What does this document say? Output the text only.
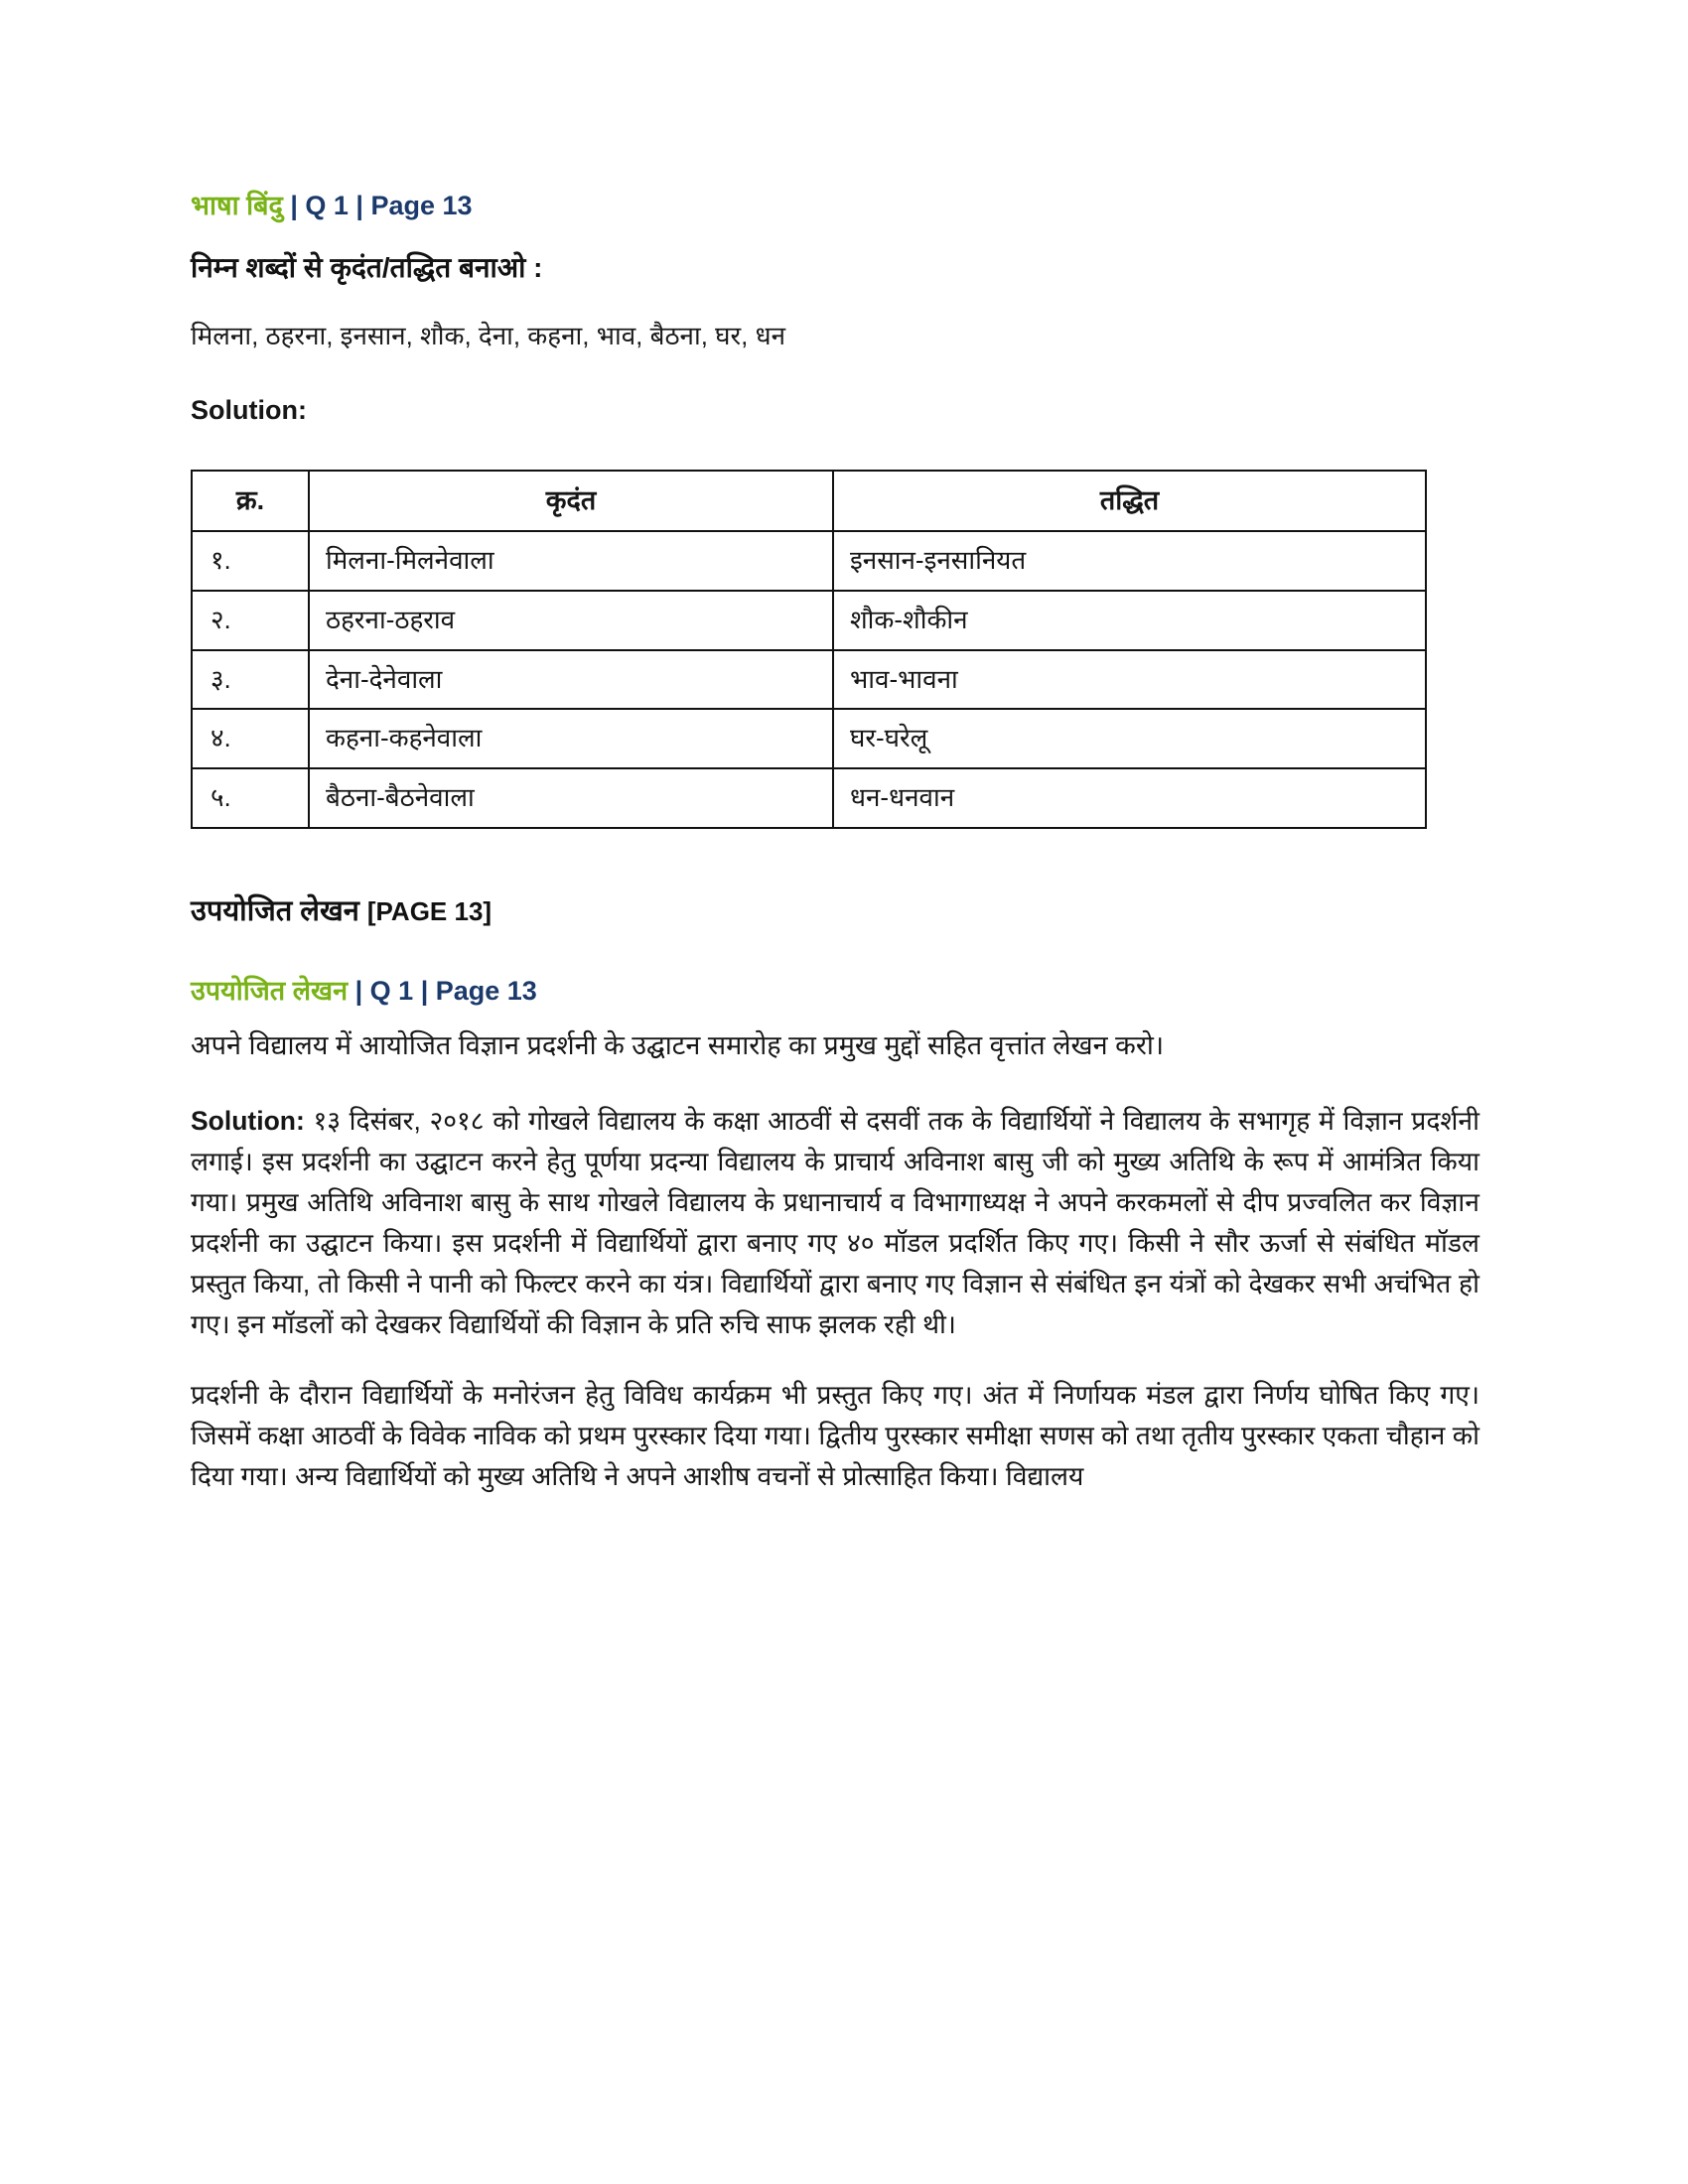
भाषा बिंदु | Q 1 | Page 13
निम्न शब्दों से कृदंत/तद्धित बनाओ :
मिलना, ठहरना, इनसान, शौक, देना, कहना, भाव, बैठना, घर, धन
Solution:
क्र.	कृदंत	तद्धित
१.	मिलना-मिलनेवाला	इनसान-इनसानियत
२.	ठहरना-ठहराव	शौक-शौकीन
३.	देना-देनेवाला	भाव-भावना
४.	कहना-कहनेवाला	घर-घरेलू
५.	बैठना-बैठनेवाला	धन-धनवान
उपयोजित लेखन [PAGE 13]
उपयोजित लेखन | Q 1 | Page 13
अपने विद्यालय में आयोजित विज्ञान प्रदर्शनी के उद्घाटन समारोह का प्रमुख मुद्दों सहित वृत्तांत लेखन करो।
Solution: १३ दिसंबर, २०१८ को गोखले विद्यालय के कक्षा आठवीं से दसवीं तक के विद्यार्थियों ने विद्यालय के सभागृह में विज्ञान प्रदर्शनी लगाई। इस प्रदर्शनी का उद्घाटन करने हेतु पूर्णया प्रदन्या विद्यालय के प्राचार्य अविनाश बासु जी को मुख्य अतिथि के रूप में आमंत्रित किया गया। प्रमुख अतिथि अविनाश बासु के साथ गोखले विद्यालय के प्रधानाचार्य व विभागाध्यक्ष ने अपने करकमलों से दीप प्रज्वलित कर विज्ञान प्रदर्शनी का उद्घाटन किया। इस प्रदर्शनी में विद्यार्थियों द्वारा बनाए गए ४० मॉडल प्रदर्शित किए गए। किसी ने सौर ऊर्जा से संबंधित मॉडल प्रस्तुत किया, तो किसी ने पानी को फिल्टर करने का यंत्र। विद्यार्थियों द्वारा बनाए गए विज्ञान से संबंधित इन यंत्रों को देखकर सभी अचंभित हो गए। इन मॉडलों को देखकर विद्यार्थियों की विज्ञान के प्रति रुचि साफ झलक रही थी।
प्रदर्शनी के दौरान विद्यार्थियों के मनोरंजन हेतु विविध कार्यक्रम भी प्रस्तुत किए गए। अंत में निर्णायक मंडल द्वारा निर्णय घोषित किए गए। जिसमें कक्षा आठवीं के विवेक नाविक को प्रथम पुरस्कार दिया गया। द्वितीय पुरस्कार समीक्षा सणस को तथा तृतीय पुरस्कार एकता चौहान को दिया गया। अन्य विद्यार्थियों को मुख्य अतिथि ने अपने आशीष वचनों से प्रोत्साहित किया। विद्यालय
